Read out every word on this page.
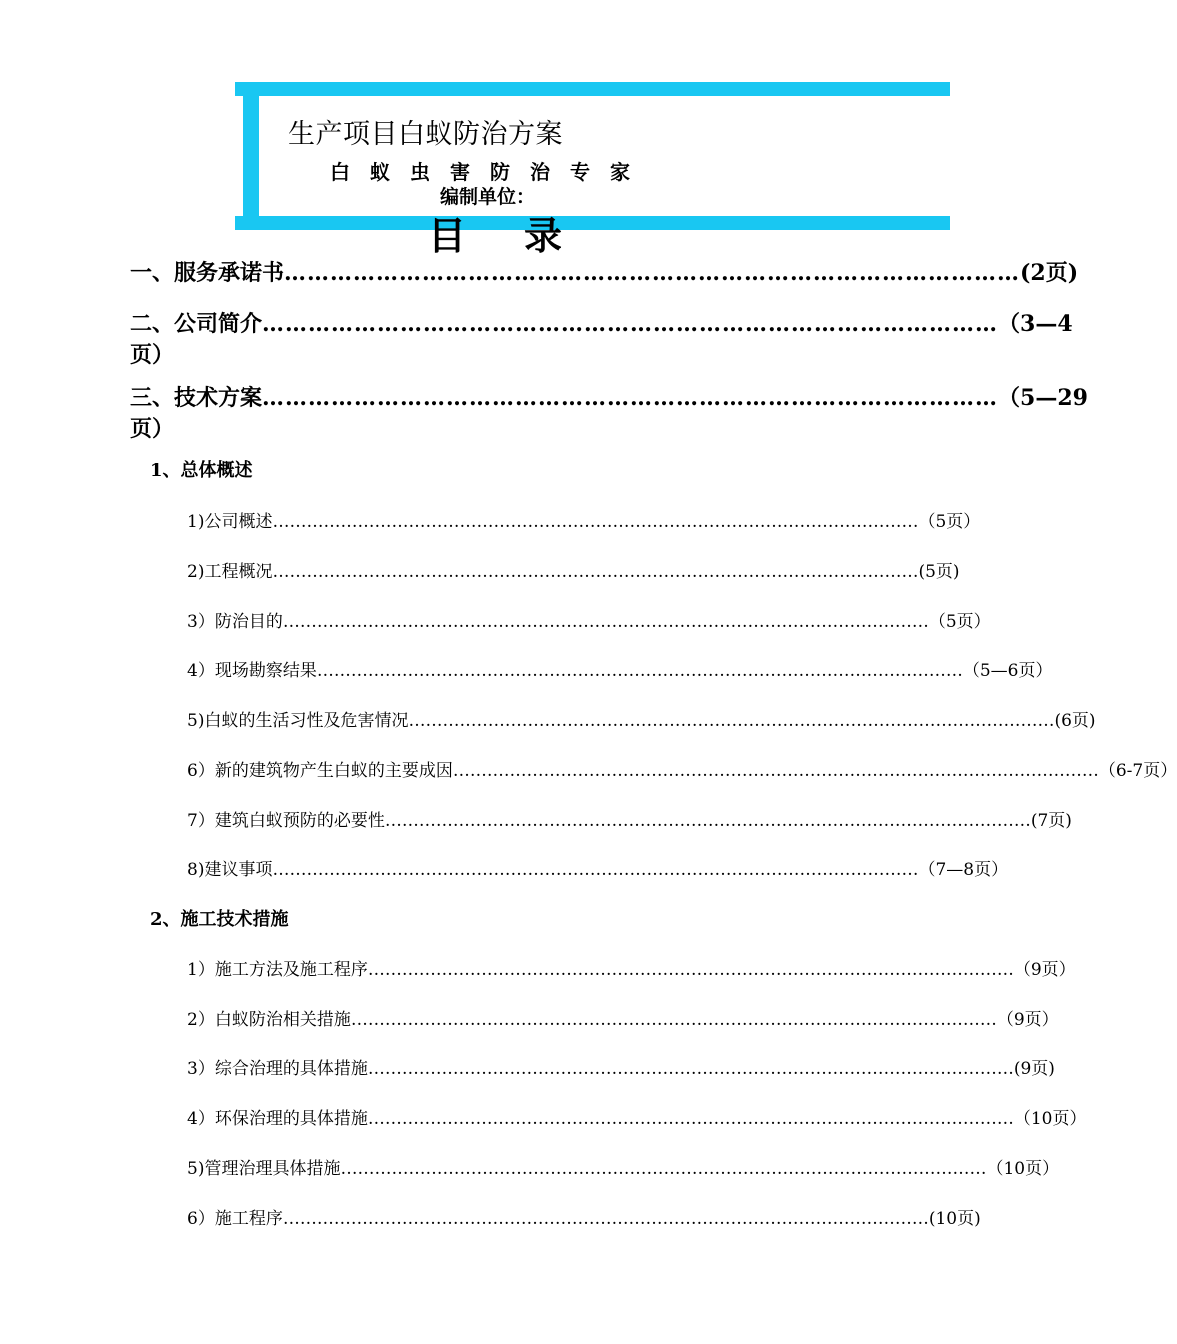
生产项目白蚁防治方案
白蚁虫害防治专家
编制单位：
目录
一、服务承诺书 …………………………………………………………………………………… (2页)
二、公司简介 …………………………………………………………………………………… （3—4
页）
三、技术方案 …………………………………………………………………………………… （5—29
页）
1、总体概述
1)公司概述 …………………………………………………………………………………………………… （5页）
2)工程概况 …………………………………………………………………………………………………… (5页)
3）防治目的 …………………………………………………………………………………………………… （5页）
4）现场勘察结果 …………………………………………………………………………………………………… （5—6页）
5)白蚁的生活习性及危害情况 …………………………………………………………………………………………………… (6页)
6）新的建筑物产生白蚁的主要成因 …………………………………………………………………………………………………… （6-7页）
7）建筑白蚁预防的必要性 …………………………………………………………………………………………………… (7页)
8)建议事项 …………………………………………………………………………………………………… （7—8页）
2、施工技术措施
1）施工方法及施工程序 …………………………………………………………………………………………………… （9页）
2）白蚁防治相关措施 …………………………………………………………………………………………………… （9页）
3）综合治理的具体措施 …………………………………………………………………………………………………… (9页)
4）环保治理的具体措施 …………………………………………………………………………………………………… （10页）
5)管理治理具体措施 …………………………………………………………………………………………………… （10页）
6）施工程序 …………………………………………………………………………………………………… (10页)
